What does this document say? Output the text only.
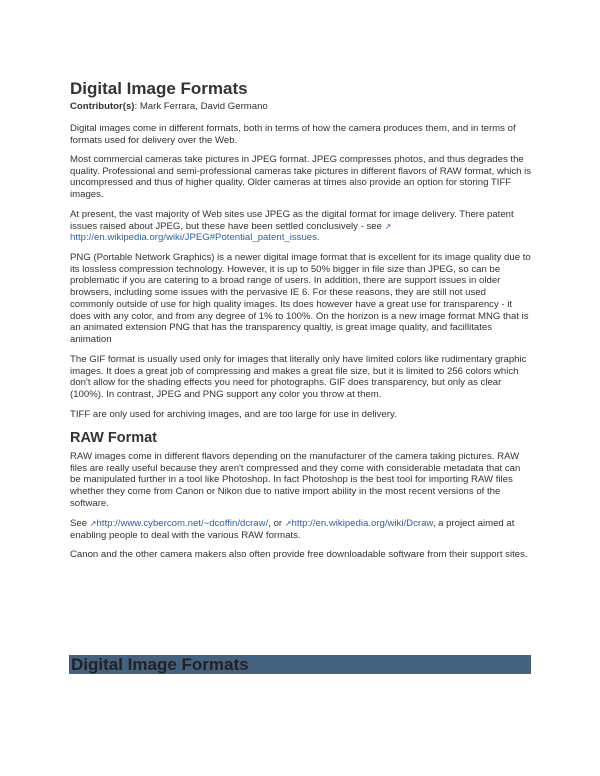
Digital Image Formats

Contributor(s): Mark Ferrara, David Germano

Digital images come in different formats, both in terms of how the camera produces them, and in terms of formats used for delivery over the Web.

Most commercial cameras take pictures in JPEG format. JPEG compresses photos, and thus degrades the quality. Professional and semi-professional cameras take pictures in different flavors of RAW format, which is uncompressed and thus of higher quality. Older cameras at times also provide an option for storing TIFF images.

At present, the vast majority of Web sites use JPEG as the digital format for image delivery. There patent issues raised about JPEG, but these have been settled conclusively - see ↗ http://en.wikipedia.org/wiki/JPEG#Potential_patent_issues.

PNG (Portable Network Graphics) is a newer digital image format that is excellent for its image quality due to its lossless compression technology. However, it is up to 50% bigger in file size than JPEG, so can be problematic if you are catering to a broad range of users. In addition, there are support issues in older browsers, including some issues with the pervasive IE 6. For these reasons, they are still not used commonly outside of use for high quality images. Its does however have a great use for transparency - it does with any color, and from any degree of 1% to 100%. On the horizon is a new image format MNG that is an animated extension PNG that has the transparency qualtiy, is great image quality, and facillitates animation

The GIF format is usually used only for images that literally only have limited colors like rudimentary graphic images. It does a great job of compressing and makes a great file size, but it is limited to 256 colors which don't allow for the shading effects you need for photographs. GIF does transparency, but only as clear (100%). In contrast, JPEG and PNG support any color you throw at them.

TIFF are only used for archiving images, and are too large for use in delivery.

RAW Format

RAW images come in different flavors depending on the manufacturer of the camera taking pictures. RAW files are really useful because they aren't compressed and they come with considerable metadata that can be manipulated further in a tool like Photoshop. In fact Photoshop is the best tool for importing RAW files whether they come from Canon or Nikon due to native import ability in the most recent versions of the software.

See ↗http://www.cybercom.net/~dcoffin/dcraw/, or ↗http://en.wikipedia.org/wiki/Dcraw, a project aimed at enabling people to deal with the various RAW formats.

Canon and the other camera makers also often provide free downloadable software from their support sites.

Digital Image Formats
